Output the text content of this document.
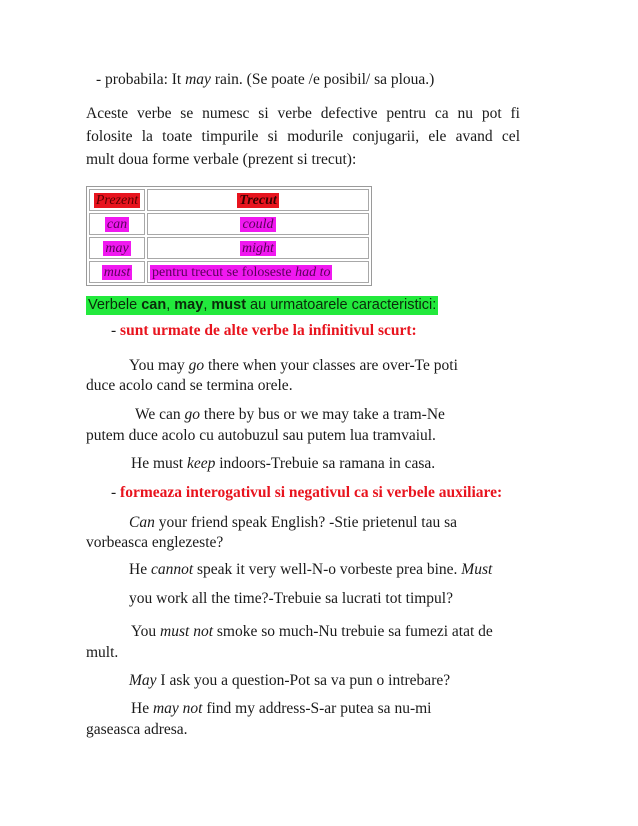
- probabila: It may rain. (Se poate /e posibil/ sa ploua.)
Aceste verbe se numesc si verbe defective pentru ca nu pot fi
folosite la toate timpurile si modurile conjugarii, ele avand cel
mult doua forme verbale (prezent si trecut):
Prezent	Trecut
can	could
may	might
must	pentru trecut se foloseste had to
Verbele can, may, must au urmatoarele caracteristici:
- sunt urmate de alte verbe la infinitivul scurt:
You may go there when your classes are over-Te poti
duce acolo cand se termina orele.
We can go there by bus or we may take a tram-Ne
putem duce acolo cu autobuzul sau putem lua tramvaiul.
He must keep indoors-Trebuie sa ramana in casa.
- formeaza interogativul si negativul ca si verbele auxiliare:
Can your friend speak English? -Stie prietenul tau sa
vorbeasca englezeste?
He cannot speak it very well-N-o vorbeste prea bine. Must
you work all the time?-Trebuie sa lucrati tot timpul?
You must not smoke so much-Nu trebuie sa fumezi atat de
mult.
May I ask you a question-Pot sa va pun o intrebare?
He may not find my address-S-ar putea sa nu-mi
gaseasca adresa.
